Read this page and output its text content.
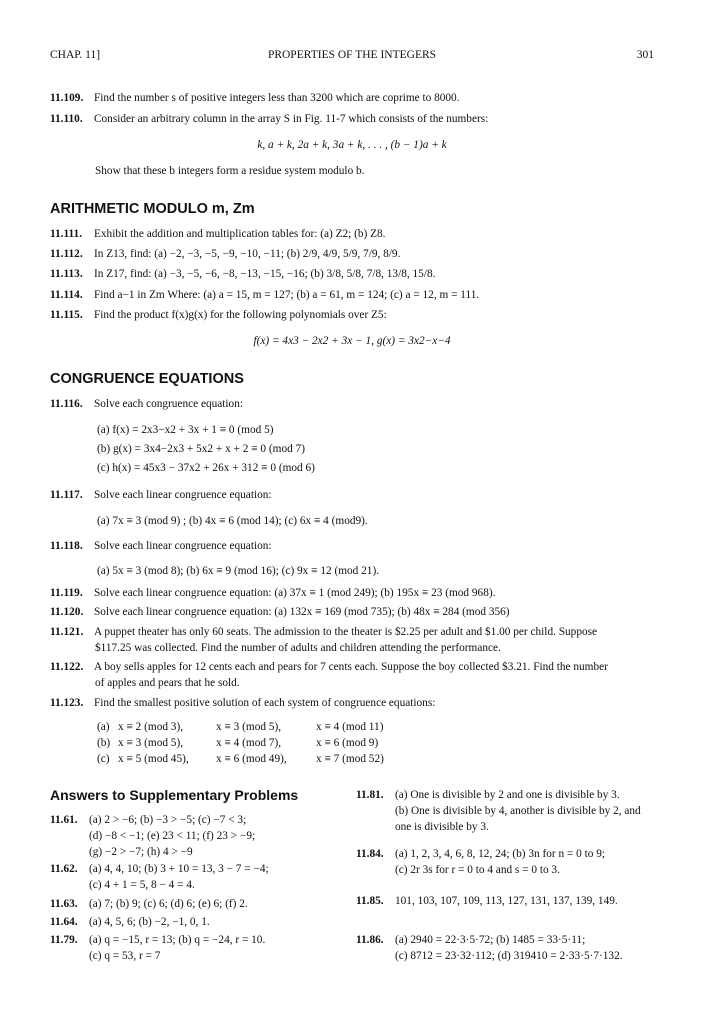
CHAP. 11]	PROPERTIES OF THE INTEGERS	301
11.109. Find the number s of positive integers less than 3200 which are coprime to 8000.
11.110. Consider an arbitrary column in the array S in Fig. 11-7 which consists of the numbers:
k, a + k, 2a + k, 3a + k, . . . , (b − 1)a + k
Show that these b integers form a residue system modulo b.
ARITHMETIC MODULO m, Zm
11.111. Exhibit the addition and multiplication tables for: (a) Z2; (b) Z8.
11.112. In Z13, find: (a) −2, −3, −5, −9, −10, −11; (b) 2/9, 4/9, 5/9, 7/9, 8/9.
11.113. In Z17, find: (a) −3, −5, −6, −8, −13, −15, −16; (b) 3/8, 5/8, 7/8, 13/8, 15/8.
11.114. Find a−1 in Zm Where: (a) a = 15, m = 127; (b) a = 61, m = 124; (c) a = 12, m = 111.
11.115. Find the product f(x)g(x) for the following polynomials over Z5:
f(x) = 4x3 − 2x2 + 3x − 1, g(x) = 3x2−x−4
CONGRUENCE EQUATIONS
11.116. Solve each congruence equation:
(a) f(x) = 2x3−x2 + 3x + 1 ≡ 0 (mod 5)
(b) g(x) = 3x4−2x3 + 5x2 + x + 2 ≡ 0 (mod 7)
(c) h(x) = 45x3 − 37x2 + 26x + 312 ≡ 0 (mod 6)
11.117. Solve each linear congruence equation:
(a) 7x ≡ 3 (mod 9) ; (b) 4x ≡ 6 (mod 14); (c) 6x ≡ 4 (mod9).
11.118. Solve each linear congruence equation:
(a) 5x ≡ 3 (mod 8); (b) 6x ≡ 9 (mod 16); (c) 9x ≡ 12 (mod 21).
11.119. Solve each linear congruence equation: (a) 37x ≡ 1 (mod 249); (b) 195x ≡ 23 (mod 968).
11.120. Solve each linear congruence equation: (a) 132x ≡ 169 (mod 735); (b) 48x ≡ 284 (mod 356)
11.121. A puppet theater has only 60 seats. The admission to the theater is $2.25 per adult and $1.00 per child. Suppose
$117.25 was collected. Find the number of adults and children attending the performance.
11.122. A boy sells apples for 12 cents each and pears for 7 cents each. Suppose the boy collected $3.21. Find the number
of apples and pears that he sold.
11.123. Find the smallest positive solution of each system of congruence equations:
(a) x ≡ 2 (mod 3),	x ≡ 3 (mod 5),	x ≡ 4 (mod 11)
(b) x ≡ 3 (mod 5),	x ≡ 4 (mod 7),	x ≡ 6 (mod 9)
(c) x ≡ 5 (mod 45), x ≡ 6 (mod 49),	x ≡ 7 (mod 52)
Answers to Supplementary Problems
11.61. (a) 2 > −6; (b) −3 > −5; (c) −7 < 3;
(d) −8 < −1; (e) 23 < 11; (f) 23 > −9;
(g) −2 > −7; (h) 4 > −9
11.62. (a) 4, 4, 10; (b) 3 + 10 = 13, 3 − 7 = −4;
(c) 4 + 1 = 5, 8 − 4 = 4.
11.63. (a) 7; (b) 9; (c) 6; (d) 6; (e) 6; (f) 2.
11.64. (a) 4, 5, 6; (b) −2, −1, 0, 1.
11.79. (a) q = −15, r = 13; (b) q = −24, r = 10.
(c) q = 53, r = 7
11.81. (a) One is divisible by 2 and one is divisible by 3.
(b) One is divisible by 4, another is divisible by 2, and
one is divisible by 3.
11.84. (a) 1, 2, 3, 4, 6, 8, 12, 24; (b) 3n for n = 0 to 9;
(c) 2r 3s for r = 0 to 4 and s = 0 to 3.
11.85. 101, 103, 107, 109, 113, 127, 131, 137, 139, 149.
11.86. (a) 2940 = 22·3·5·72; (b) 1485 = 33·5·11;
(c) 8712 = 23·32·112; (d) 319410 = 2·33·5·7·132.
